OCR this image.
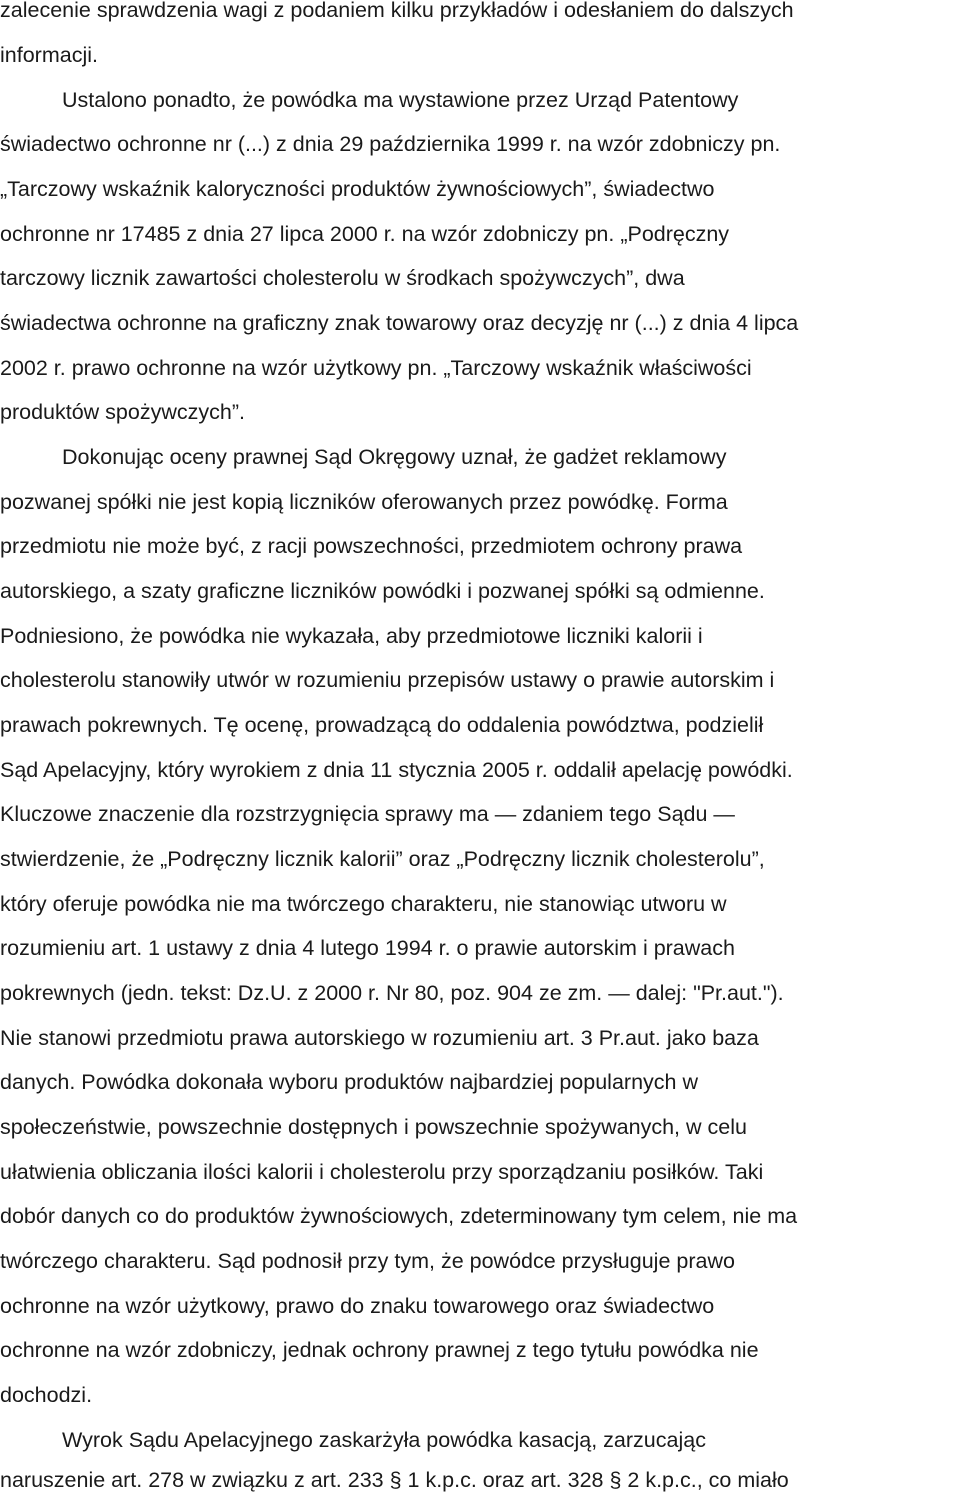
zalecenie sprawdzenia wagi z podaniem kilku przykładów i odesłaniem do dalszych
informacji.
Ustalono ponadto, że powódka ma wystawione przez Urząd Patentowy
świadectwo ochronne nr (...) z dnia 29 października 1999 r. na wzór zdobniczy pn.
„Tarczowy wskaźnik kaloryczności produktów żywnościowych”, świadectwo
ochronne nr 17485 z dnia 27 lipca 2000 r. na wzór zdobniczy pn. „Podręczny
tarczowy licznik zawartości cholesterolu w środkach spożywczych”, dwa
świadectwa ochronne na graficzny znak towarowy oraz decyzję nr (...) z dnia 4 lipca
2002 r. prawo ochronne na wzór użytkowy pn. „Tarczowy wskaźnik właściwości
produktów spożywczych”.
Dokonując oceny prawnej Sąd Okręgowy uznał, że gadżet reklamowy
pozwanej spółki nie jest kopią liczników oferowanych przez powódkę. Forma
przedmiotu nie może być, z racji powszechności, przedmiotem ochrony prawa
autorskiego, a szaty graficzne liczników powódki i pozwanej spółki są odmienne.
Podniesiono, że powódka nie wykazała, aby przedmiotowe liczniki kalorii i
cholesterolu stanowiły utwór w rozumieniu przepisów ustawy o prawie autorskim i
prawach pokrewnych. Tę ocenę, prowadzącą do oddalenia powództwa, podzielił
Sąd Apelacyjny, który wyrokiem z dnia 11 stycznia 2005 r. oddalił apelację powódki.
Kluczowe znaczenie dla rozstrzygnięcia sprawy ma — zdaniem tego Sądu —
stwierdzenie, że „Podręczny licznik kalorii” oraz „Podręczny licznik cholesterolu”,
który oferuje powódka nie ma twórczego charakteru, nie stanowiąc utworu w
rozumieniu art. 1 ustawy z dnia 4 lutego 1994 r. o prawie autorskim i prawach
pokrewnych (jedn. tekst: Dz.U. z 2000 r. Nr 80, poz. 904 ze zm. — dalej: "Pr.aut.").
Nie stanowi przedmiotu prawa autorskiego w rozumieniu art. 3 Pr.aut. jako baza
danych. Powódka dokonała wyboru produktów najbardziej popularnych w
społeczeństwie, powszechnie dostępnych i powszechnie spożywanych, w celu
ułatwienia obliczania ilości kalorii i cholesterolu przy sporządzaniu posiłków. Taki
dobór danych co do produktów żywnościowych, zdeterminowany tym celem, nie ma
twórczego charakteru. Sąd podnosił przy tym, że powódce przysługuje prawo
ochronne na wzór użytkowy, prawo do znaku towarowego oraz świadectwo
ochronne na wzór zdobniczy, jednak ochrony prawnej z tego tytułu powódka nie
dochodzi.
Wyrok Sądu Apelacyjnego zaskarżyła powódka kasacją, zarzucając
naruszenie art. 278 w związku z art. 233 § 1 k.p.c. oraz art. 328 § 2 k.p.c., co miało
